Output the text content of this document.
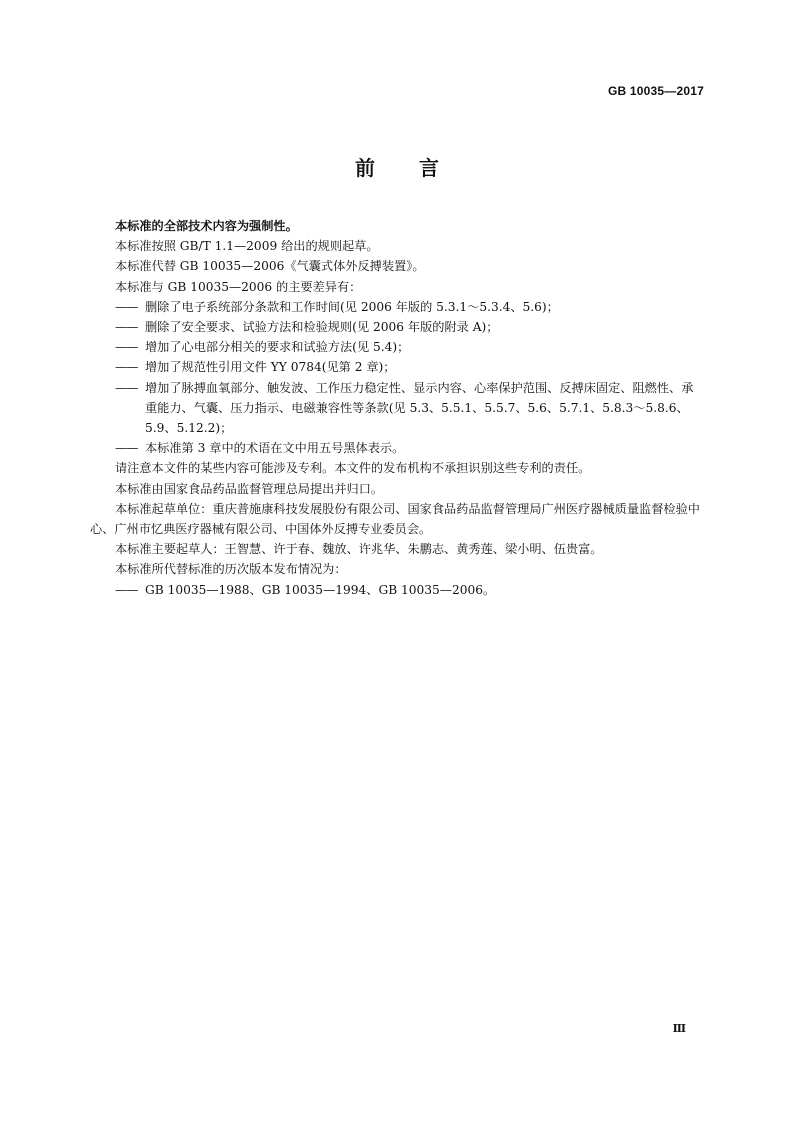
GB 10035—2017
前 言

本标准的全部技术内容为强制性。

本标准按照 GB/T 1.1—2009 给出的规则起草。

本标准代替 GB 10035—2006《气囊式体外反搏装置》。

本标准与 GB 10035—2006 的主要差异有：

—— 删除了电子系统部分条款和工作时间(见 2006 年版的 5.3.1～5.3.4、5.6)；

—— 删除了安全要求、试验方法和检验规则(见 2006 年版的附录 A)；

—— 增加了心电部分相关的要求和试验方法(见 5.4)；

—— 增加了规范性引用文件 YY 0784(见第 2 章)；

—— 增加了脉搏血氧部分、触发波、工作压力稳定性、显示内容、心率保护范围、反搏床固定、阻燃性、承重能力、气囊、压力指示、电磁兼容性等条款(见 5.3、5.5.1、5.5.7、5.6、5.7.1、5.8.3～5.8.6、5.9、5.12.2)；

—— 本标准第 3 章中的术语在文中用五号黑体表示。

请注意本文件的某些内容可能涉及专利。本文件的发布机构不承担识别这些专利的责任。

本标准由国家食品药品监督管理总局提出并归口。

本标准起草单位：重庆普施康科技发展股份有限公司、国家食品药品监督管理局广州医疗器械质量监督检验中心、广州市忆典医疗器械有限公司、中国体外反搏专业委员会。

本标准主要起草人：王智慧、许于春、魏放、许兆华、朱鹏志、黄秀莲、梁小明、伍贵富。

本标准所代替标准的历次版本发布情况为：

—— GB 10035—1988、GB 10035—1994、GB 10035—2006。

Ⅲ
